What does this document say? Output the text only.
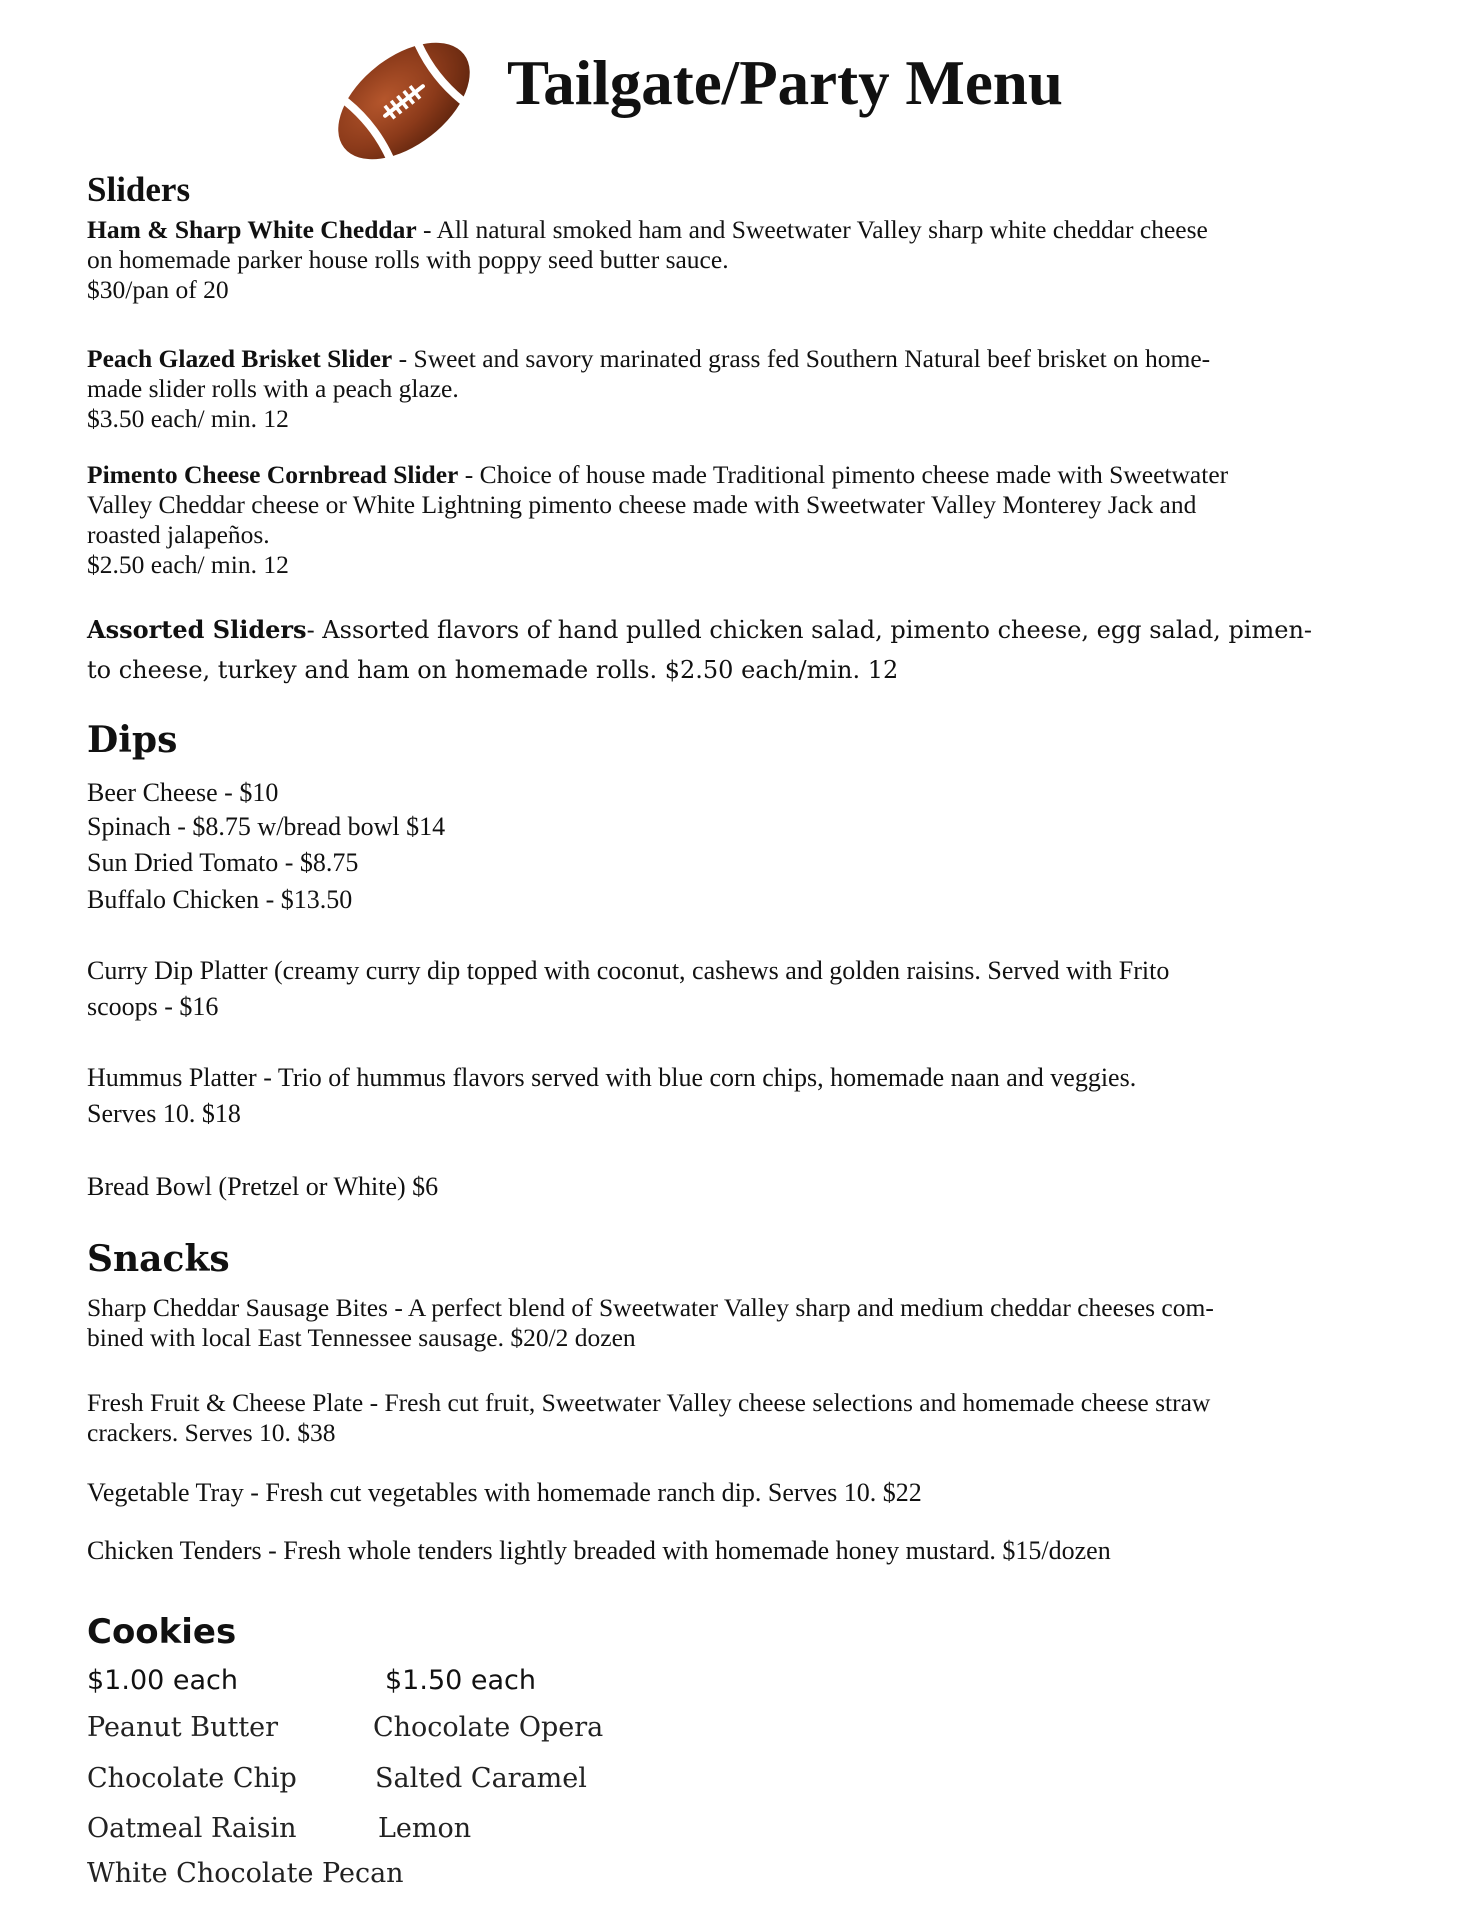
Tailgate/Party Menu
Sliders

Ham & Sharp White Cheddar - All natural smoked ham and Sweetwater Valley sharp white cheddar cheese
on homemade parker house rolls with poppy seed butter sauce.
$30/pan of 20

Peach Glazed Brisket Slider - Sweet and savory marinated grass fed Southern Natural beef brisket on home-
made slider rolls with a peach glaze.
$3.50 each/ min. 12

Pimento Cheese Cornbread Slider - Choice of house made Traditional pimento cheese made with Sweetwater
Valley Cheddar cheese or White Lightning pimento cheese made with Sweetwater Valley Monterey Jack and
roasted jalapeños.
$2.50 each/ min. 12

Assorted Sliders- Assorted flavors of hand pulled chicken salad, pimento cheese, egg salad, pimen-
to cheese, turkey and ham on homemade rolls. $2.50 each/min. 12

Dips

Beer Cheese - $10

Spinach - $8.75 w/bread bowl $14

Sun Dried Tomato - $8.75

Buffalo Chicken - $13.50

Curry Dip Platter (creamy curry dip topped with coconut, cashews and golden raisins. Served with Frito
scoops - $16

Hummus Platter - Trio of hummus flavors served with blue corn chips, homemade naan and veggies.
Serves 10. $18

Bread Bowl (Pretzel or White) $6

Snacks

Sharp Cheddar Sausage Bites - A perfect blend of Sweetwater Valley sharp and medium cheddar cheeses com-
bined with local East Tennessee sausage. $20/2 dozen

Fresh Fruit & Cheese Plate - Fresh cut fruit, Sweetwater Valley cheese selections and homemade cheese straw
crackers. Serves 10. $38

Vegetable Tray - Fresh cut vegetables with homemade ranch dip. Serves 10. $22

Chicken Tenders - Fresh whole tenders lightly breaded with homemade honey mustard. $15/dozen

Cookies
$1.00 each	$1.50 each
Peanut Butter
Chocolate Chip
Oatmeal Raisin
White Chocolate Pecan
Chocolate Opera
Salted Caramel
Lemon
